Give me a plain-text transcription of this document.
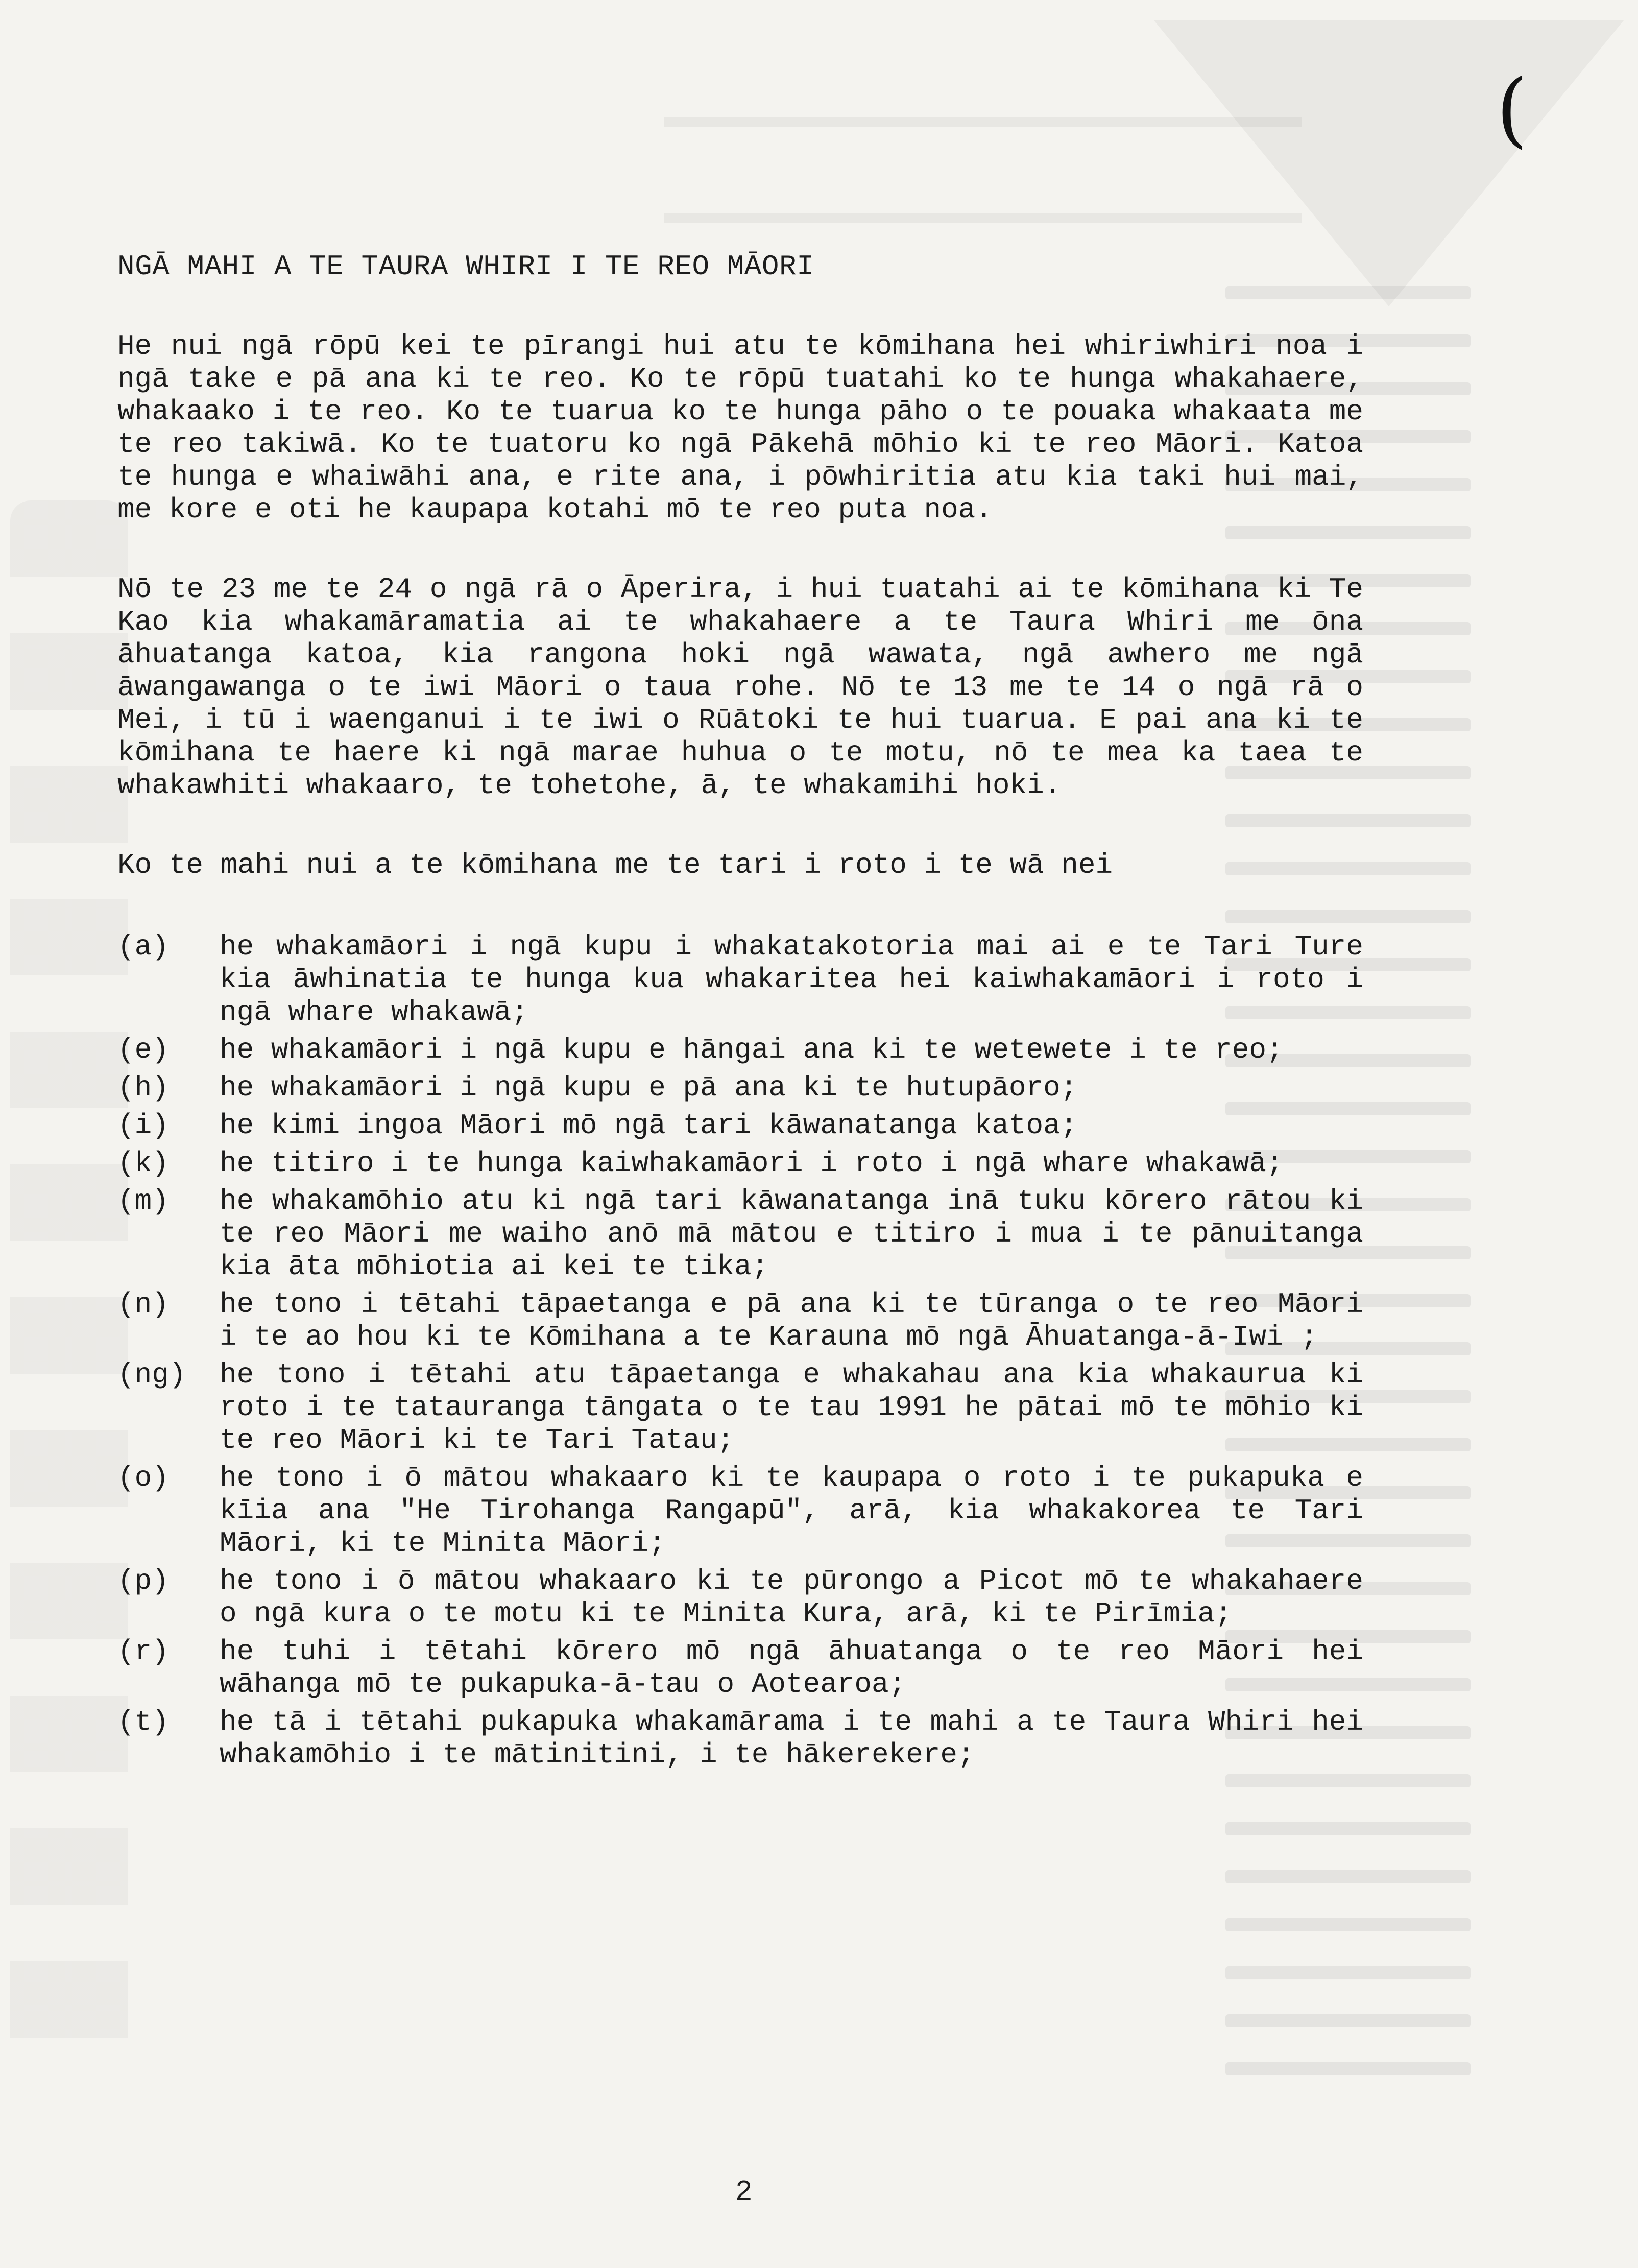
(
NGĀ MAHI A TE TAURA WHIRI I TE REO MĀORI

He nui ngā rōpū kei te pīrangi hui atu te kōmihana hei whiriwhiri noa i ngā take e pā ana ki te reo. Ko te rōpū tuatahi ko te hunga whakahaere, whakaako i te reo. Ko te tuarua ko te hunga pāho o te pouaka whakaata me te reo takiwā. Ko te tuatoru ko ngā Pākehā mōhio ki te reo Māori. Katoa te hunga e whaiwāhi ana, e rite ana, i pōwhiritia atu kia taki hui mai, me kore e oti he kaupapa kotahi mō te reo puta noa.

Nō te 23 me te 24 o ngā rā o Āperira, i hui tuatahi ai te kōmihana ki Te Kao kia whakamāramatia ai te whakahaere a te Taura Whiri me ōna āhuatanga katoa, kia rangona hoki ngā wawata, ngā awhero me ngā āwangawanga o te iwi Māori o taua rohe. Nō te 13 me te 14 o ngā rā o Mei, i tū i waenganui i te iwi o Rūātoki te hui tuarua. E pai ana ki te kōmihana te haere ki ngā marae huhua o te motu, nō te mea ka taea te whakawhiti whakaaro, te tohetohe, ā, te whakamihi hoki.

Ko te mahi nui a te kōmihana me te tari i roto i te wā nei

(a)	he whakamāori i ngā kupu i whakatakotoria mai ai e te Tari Ture kia āwhinatia te hunga kua whakaritea hei kaiwhakamāori i roto i ngā whare whakawā;
(e)	he whakamāori i ngā kupu e hāngai ana ki te wetewete i te reo;
(h)	he whakamāori i ngā kupu e pā ana ki te hutupāoro;
(i)	he kimi ingoa Māori mō ngā tari kāwanatanga katoa;
(k)	he titiro i te hunga kaiwhakamāori i roto i ngā whare whakawā;
(m)	he whakamōhio atu ki ngā tari kāwanatanga inā tuku kōrero rātou ki te reo Māori me waiho anō mā mātou e titiro i mua i te pānuitanga kia āta mōhiotia ai kei te tika;
(n)	he tono i tētahi tāpaetanga e pā ana ki te tūranga o te reo Māori i te ao hou ki te Kōmihana a te Karauna mō ngā Āhuatanga-ā-Iwi ;
(ng)	he tono i tētahi atu tāpaetanga e whakahau ana kia whakaurua ki roto i te tatauranga tāngata o te tau 1991 he pātai mō te mōhio ki te reo Māori ki te Tari Tatau;
(o)	he tono i ō mātou whakaaro ki te kaupapa o roto i te pukapuka e kīia ana "He Tirohanga Rangapū", arā, kia whakakorea te Tari Māori, ki te Minita Māori;
(p)	he tono i ō mātou whakaaro ki te pūrongo a Picot mō te whakahaere o ngā kura o te motu ki te Minita Kura, arā, ki te Pirīmia;
(r)	he tuhi i tētahi kōrero mō ngā āhuatanga o te reo Māori hei wāhanga mō te pukapuka-ā-tau o Aotearoa;
(t)	he tā i tētahi pukapuka whakamārama i te mahi a te Taura Whiri hei whakamōhio i te mātinitini, i te hākerekere;
2
